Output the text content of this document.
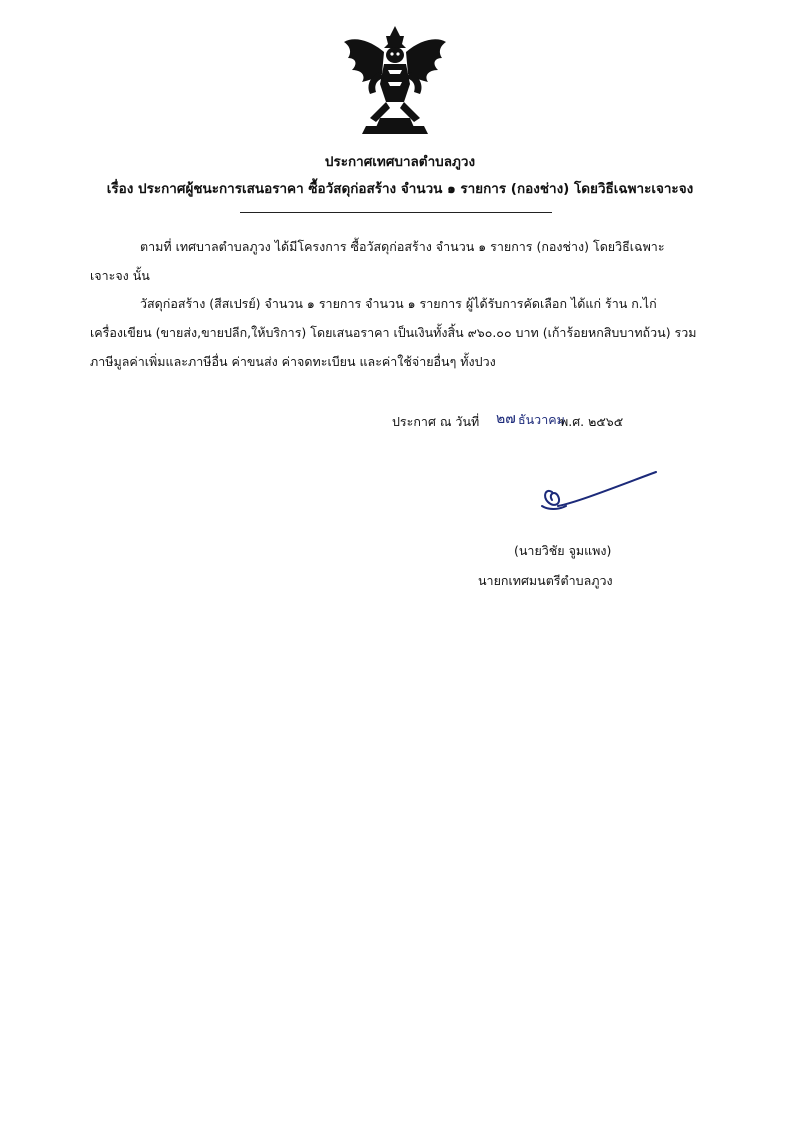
ประกาศเทศบาลตำบลภูวง
เรื่อง ประกาศผู้ชนะการเสนอราคา ซื้อวัสดุก่อสร้าง จำนวน ๑ รายการ (กองช่าง) โดยวิธีเฉพาะเจาะจง
ตามที่ เทศบาลตำบลภูวง ได้มีโครงการ ซื้อวัสดุก่อสร้าง จำนวน ๑ รายการ (กองช่าง) โดยวิธีเฉพาะ
เจาะจง นั้น
วัสดุก่อสร้าง (สีสเปรย์) จำนวน ๑ รายการ จำนวน ๑ รายการ ผู้ได้รับการคัดเลือก ได้แก่ ร้าน ก.ไก่
เครื่องเขียน (ขายส่ง,ขายปลีก,ให้บริการ) โดยเสนอราคา เป็นเงินทั้งสิ้น ๙๖๐.๐๐ บาท (เก้าร้อยหกสิบบาทถ้วน) รวม
ภาษีมูลค่าเพิ่มและภาษีอื่น ค่าขนส่ง ค่าจดทะเบียน และค่าใช้จ่ายอื่นๆ ทั้งปวง
ประกาศ ณ วันที่ ๒๗ ธันวาคม
พ.ศ. ๒๕๖๕
(นายวิชัย จูมแพง)
นายกเทศมนตรีตำบลภูวง
